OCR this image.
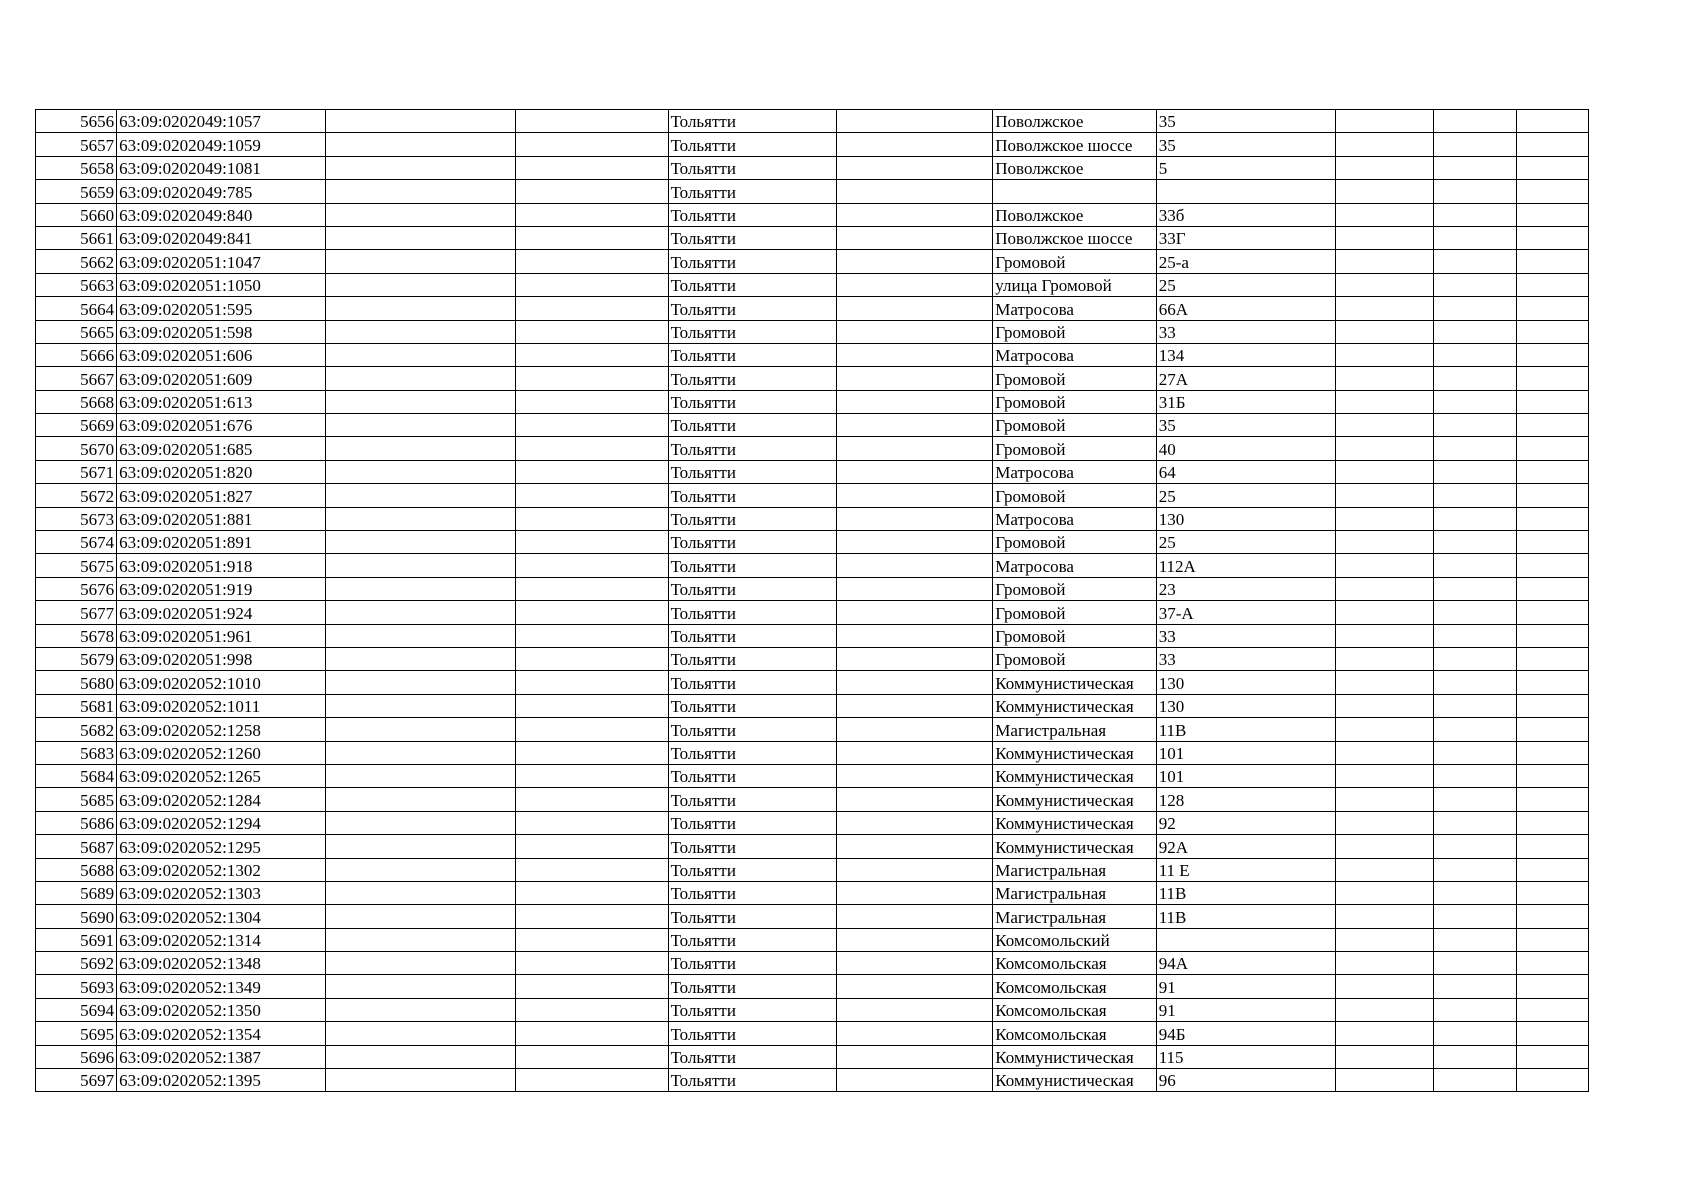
5656	63:09:0202049:1057			Тольятти		Поволжское	35			
5657	63:09:0202049:1059			Тольятти		Поволжское шоссе	35			
5658	63:09:0202049:1081			Тольятти		Поволжское	5			
5659	63:09:0202049:785			Тольятти						
5660	63:09:0202049:840			Тольятти		Поволжское	33б			
5661	63:09:0202049:841			Тольятти		Поволжское шоссе	33Г			
5662	63:09:0202051:1047			Тольятти		Громовой	25-а			
5663	63:09:0202051:1050			Тольятти		улица Громовой	25			
5664	63:09:0202051:595			Тольятти		Матросова	66А			
5665	63:09:0202051:598			Тольятти		Громовой	33			
5666	63:09:0202051:606			Тольятти		Матросова	134			
5667	63:09:0202051:609			Тольятти		Громовой	27А			
5668	63:09:0202051:613			Тольятти		Громовой	31Б			
5669	63:09:0202051:676			Тольятти		Громовой	35			
5670	63:09:0202051:685			Тольятти		Громовой	40			
5671	63:09:0202051:820			Тольятти		Матросова	64			
5672	63:09:0202051:827			Тольятти		Громовой	25			
5673	63:09:0202051:881			Тольятти		Матросова	130			
5674	63:09:0202051:891			Тольятти		Громовой	25			
5675	63:09:0202051:918			Тольятти		Матросова	112А			
5676	63:09:0202051:919			Тольятти		Громовой	23			
5677	63:09:0202051:924			Тольятти		Громовой	37-А			
5678	63:09:0202051:961			Тольятти		Громовой	33			
5679	63:09:0202051:998			Тольятти		Громовой	33			
5680	63:09:0202052:1010			Тольятти		Коммунистическая	130			
5681	63:09:0202052:1011			Тольятти		Коммунистическая	130			
5682	63:09:0202052:1258			Тольятти		Магистральная	11В			
5683	63:09:0202052:1260			Тольятти		Коммунистическая	101			
5684	63:09:0202052:1265			Тольятти		Коммунистическая	101			
5685	63:09:0202052:1284			Тольятти		Коммунистическая	128			
5686	63:09:0202052:1294			Тольятти		Коммунистическая	92			
5687	63:09:0202052:1295			Тольятти		Коммунистическая	92А			
5688	63:09:0202052:1302			Тольятти		Магистральная	11 Е			
5689	63:09:0202052:1303			Тольятти		Магистральная	11В			
5690	63:09:0202052:1304			Тольятти		Магистральная	11В			
5691	63:09:0202052:1314			Тольятти		Комсомольский				
5692	63:09:0202052:1348			Тольятти		Комсомольская	94А			
5693	63:09:0202052:1349			Тольятти		Комсомольская	91			
5694	63:09:0202052:1350			Тольятти		Комсомольская	91			
5695	63:09:0202052:1354			Тольятти		Комсомольская	94Б			
5696	63:09:0202052:1387			Тольятти		Коммунистическая	115			
5697	63:09:0202052:1395			Тольятти		Коммунистическая	96			
